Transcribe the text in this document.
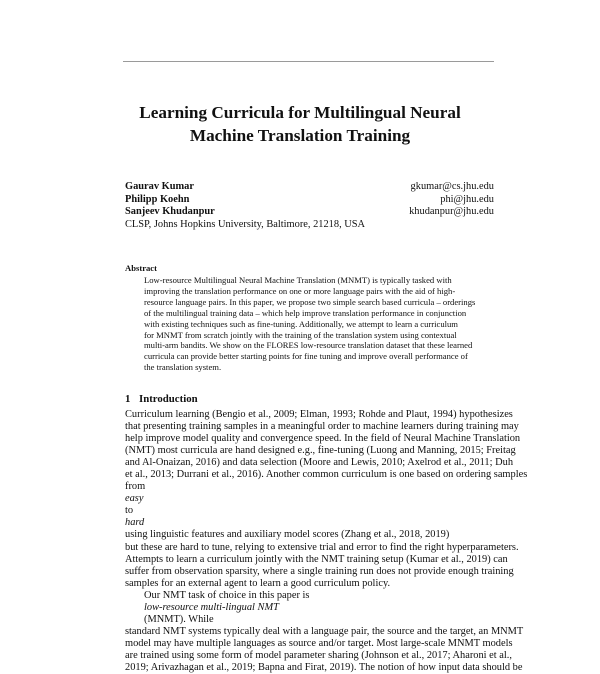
Learning Curricula for Multilingual Neural
Machine Translation Training
Gaurav Kumar
Philipp Koehn
Sanjeev Khudanpur
CLSP, Johns Hopkins University, Baltimore, 21218, USA
gkumar@cs.jhu.edu
phi@jhu.edu
khudanpur@jhu.edu
Abstract
Low-resource Multilingual Neural Machine Translation (MNMT) is typically tasked with
improving the translation performance on one or more language pairs with the aid of high-
resource language pairs. In this paper, we propose two simple search based curricula – orderings
of the multilingual training data – which help improve translation performance in conjunction
with existing techniques such as fine-tuning. Additionally, we attempt to learn a curriculum
for MNMT from scratch jointly with the training of the translation system using contextual
multi-arm bandits. We show on the FLORES low-resource translation dataset that these learned
curricula can provide better starting points for fine tuning and improve overall performance of
the translation system.
1 Introduction
Curriculum learning (Bengio et al., 2009; Elman, 1993; Rohde and Plaut, 1994) hypothesizes
that presenting training samples in a meaningful order to machine learners during training may
help improve model quality and convergence speed. In the field of Neural Machine Translation
(NMT) most curricula are hand designed e.g., fine-tuning (Luong and Manning, 2015; Freitag
and Al-Onaizan, 2016) and data selection (Moore and Lewis, 2010; Axelrod et al., 2011; Duh
et al., 2013; Durrani et al., 2016). Another common curriculum is one based on ordering samples
from
easy
to
hard
using linguistic features and auxiliary model scores (Zhang et al., 2018, 2019)
but these are hard to tune, relying to extensive trial and error to find the right hyperparameters.
Attempts to learn a curriculum jointly with the NMT training setup (Kumar et al., 2019) can
suffer from observation sparsity, where a single training run does not provide enough training
samples for an external agent to learn a good curriculum policy.
Our NMT task of choice in this paper is
low-resource multi-lingual NMT
(MNMT). While
standard NMT systems typically deal with a language pair, the source and the target, an MNMT
model may have multiple languages as source and/or target. Most large-scale MNMT models
are trained using some form of model parameter sharing (Johnson et al., 2017; Aharoni et al.,
2019; Arivazhagan et al., 2019; Bapna and Firat, 2019). The notion of how input data should be
